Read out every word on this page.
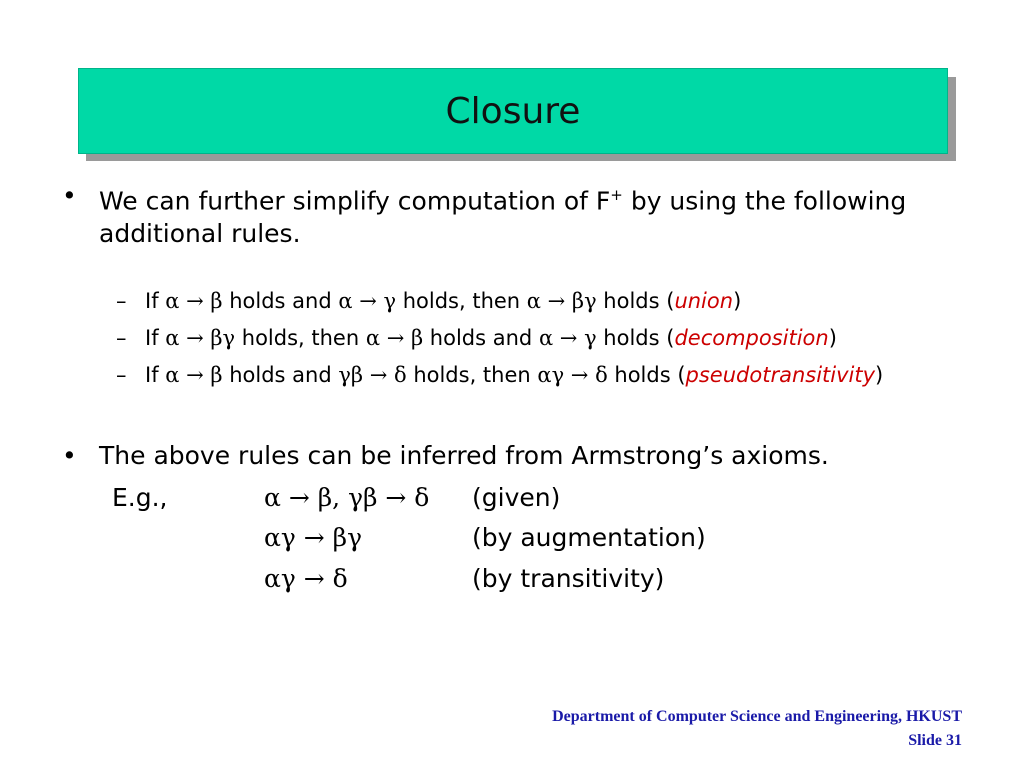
Closure
• We can further simplify computation of F+ by using the following additional rules.
– If α → β holds and α → γ holds, then α → βγ holds (union)
– If α → βγ holds, then α → β holds and α → γ holds (decomposition)
– If α → β holds and γβ → δ holds, then αγ → δ holds (pseudotransitivity)
• The above rules can be inferred from Armstrong’s axioms.
E.g.,	α → β, γβ → δ (given)
αγ → βγ	(by augmentation)
αγ → δ	(by transitivity)
Department of Computer Science and Engineering, HKUST
Slide 31
